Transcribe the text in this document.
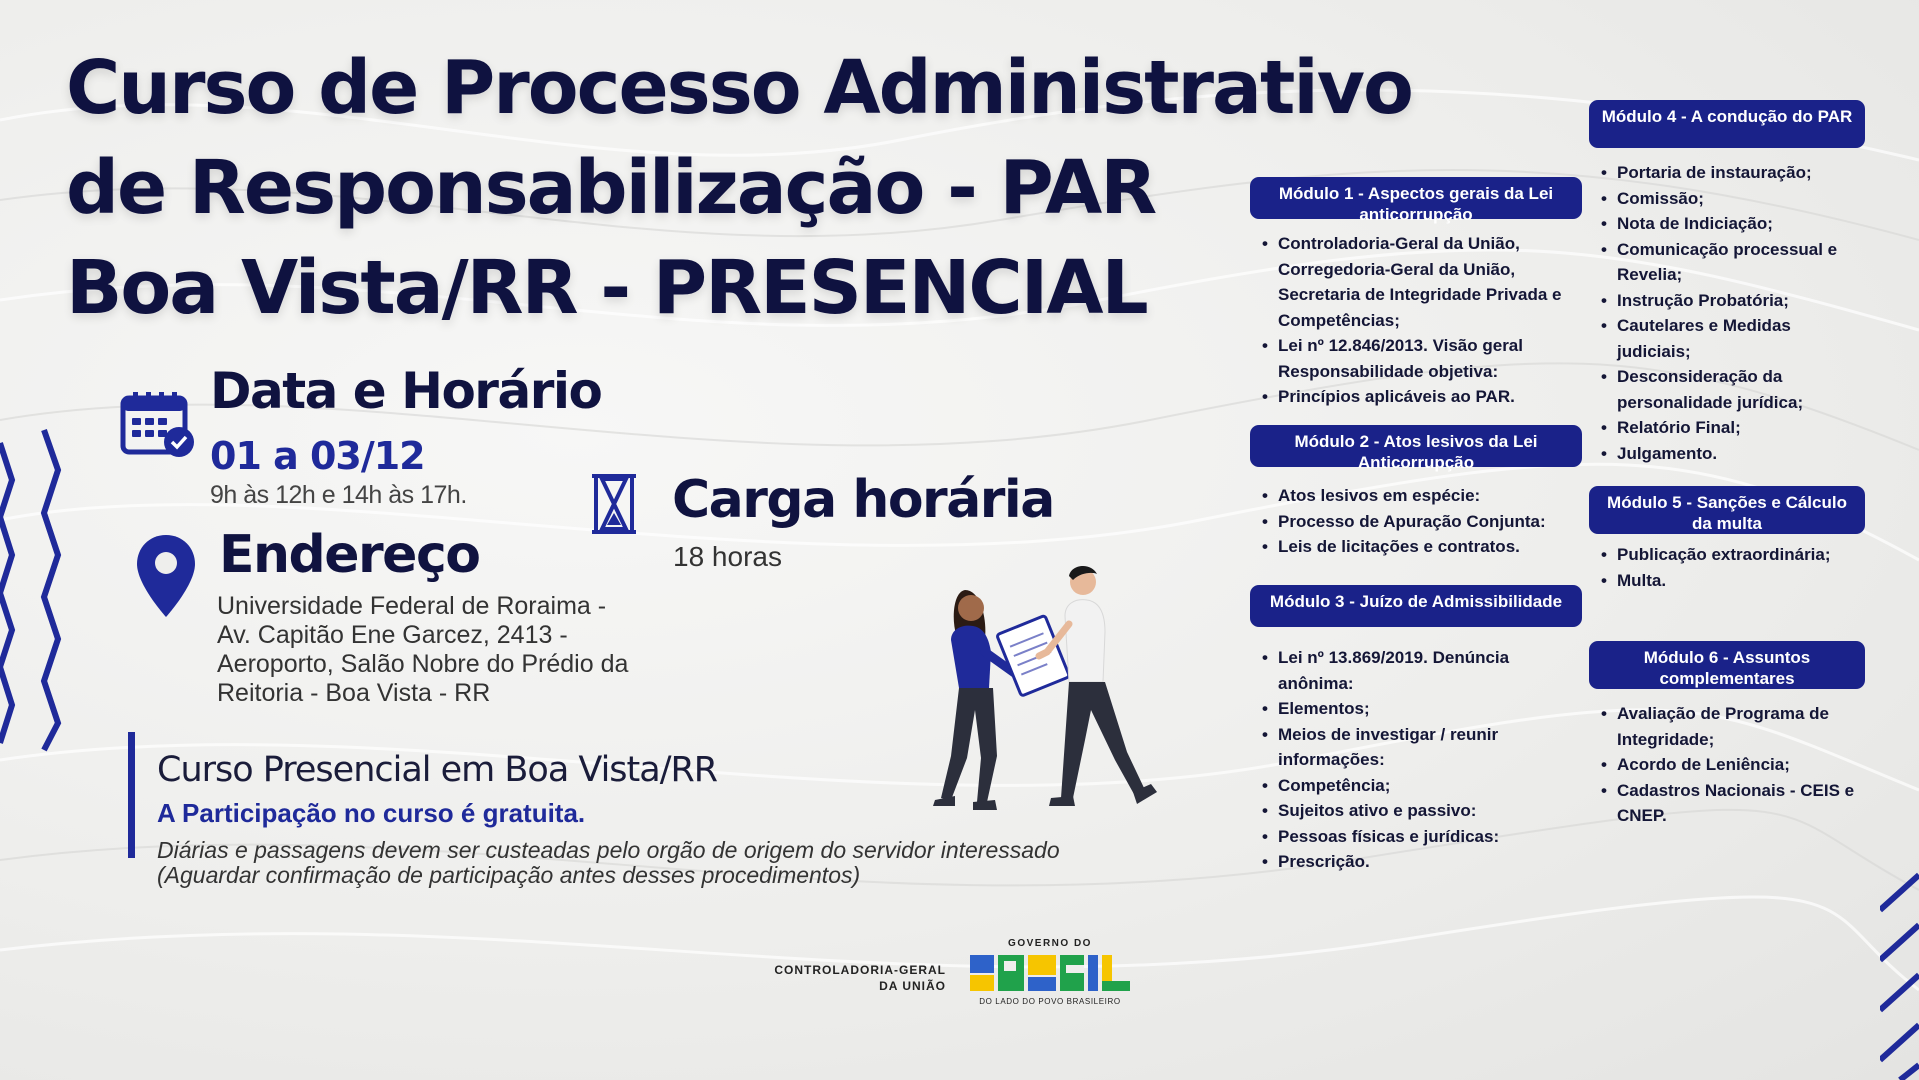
Curso de Processo Administrativo
de Responsabilização - PAR
Boa Vista/RR - PRESENCIAL
Data e Horário
01 a 03/12
9h às 12h e 14h às 17h.
Endereço
Universidade Federal de Roraima - Av. Capitão Ene Garcez, 2413 - Aeroporto, Salão Nobre do Prédio da Reitoria - Boa Vista - RR
Carga horária
18 horas
Curso Presencial em Boa Vista/RR
A Participação no curso é gratuita.
Diárias e passagens devem ser custeadas pelo orgão de origem do servidor interessado (Aguardar confirmação de participação antes desses procedimentos)
Módulo 1 - Aspectos gerais da Lei anticorrupção
• Controladoria-Geral da União, Corregedoria-Geral da União, Secretaria de Integridade Privada e Competências;
• Lei nº 12.846/2013. Visão geral Responsabilidade objetiva:
• Princípios aplicáveis ao PAR.
Módulo 2 - Atos lesivos da Lei Anticorrupção
• Atos lesivos em espécie:
• Processo de Apuração Conjunta:
• Leis de licitações e contratos.
Módulo 3 - Juízo de Admissibilidade
• Lei nº 13.869/2019. Denúncia anônima:
• Elementos;
• Meios de investigar / reunir informações:
• Competência;
• Sujeitos ativo e passivo:
• Pessoas físicas e jurídicas:
• Prescrição.
Módulo 4 - A condução do PAR
• Portaria de instauração;
• Comissão;
• Nota de Indiciação;
• Comunicação processual e Revelia;
• Instrução Probatória;
• Cautelares e Medidas judiciais;
• Desconsideração da personalidade jurídica;
• Relatório Final;
• Julgamento.
Módulo 5 - Sanções e Cálculo da multa
• Publicação extraordinária;
• Multa.
Módulo 6 - Assuntos complementares
• Avaliação de Programa de Integridade;
• Acordo de Leniência;
• Cadastros Nacionais - CEIS e CNEP.
CONTROLADORIA-GERAL
DA UNIÃO
GOVERNO DO
DO LADO DO POVO BRASILEIRO
